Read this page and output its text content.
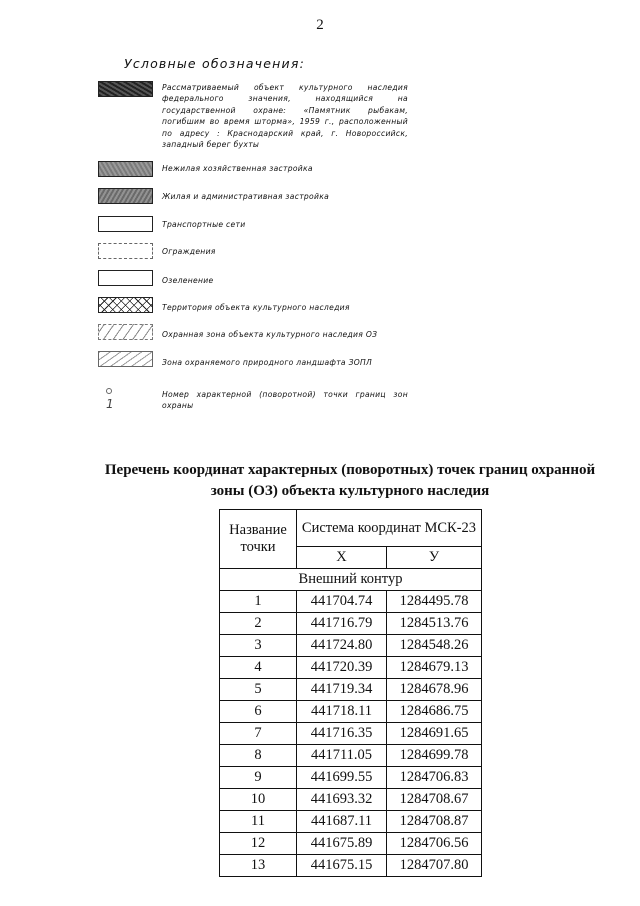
2
Условные обозначения:
Рассматриваемый объект культурного наследия федерального значения, находящийся на государственной охране: «Памятник рыбакам, погибшим во время шторма», 1959 г., расположенный по адресу : Краснодарский край, г. Новороссийск, западный берег бухты
Нежилая хозяйственная застройка
Жилая и административная застройка
Транспортные сети
Ограждения
Озеленение
Территория объекта культурного наследия
Охранная зона объекта культурного наследия ОЗ
Зона охраняемого природного ландшафта ЗОПЛ
1
Номер характерной (поворотной) точки границ зон охраны
Перечень координат характерных (поворотных) точек границ охранной зоны (ОЗ) объекта культурного наследия
Название точки	Система координат МСК-23	
	X	У
Внешний контур		
1	441704.74	1284495.78
2	441716.79	1284513.76
3	441724.80	1284548.26
4	441720.39	1284679.13
5	441719.34	1284678.96
6	441718.11	1284686.75
7	441716.35	1284691.65
8	441711.05	1284699.78
9	441699.55	1284706.83
10	441693.32	1284708.67
11	441687.11	1284708.87
12	441675.89	1284706.56
13	441675.15	1284707.80
